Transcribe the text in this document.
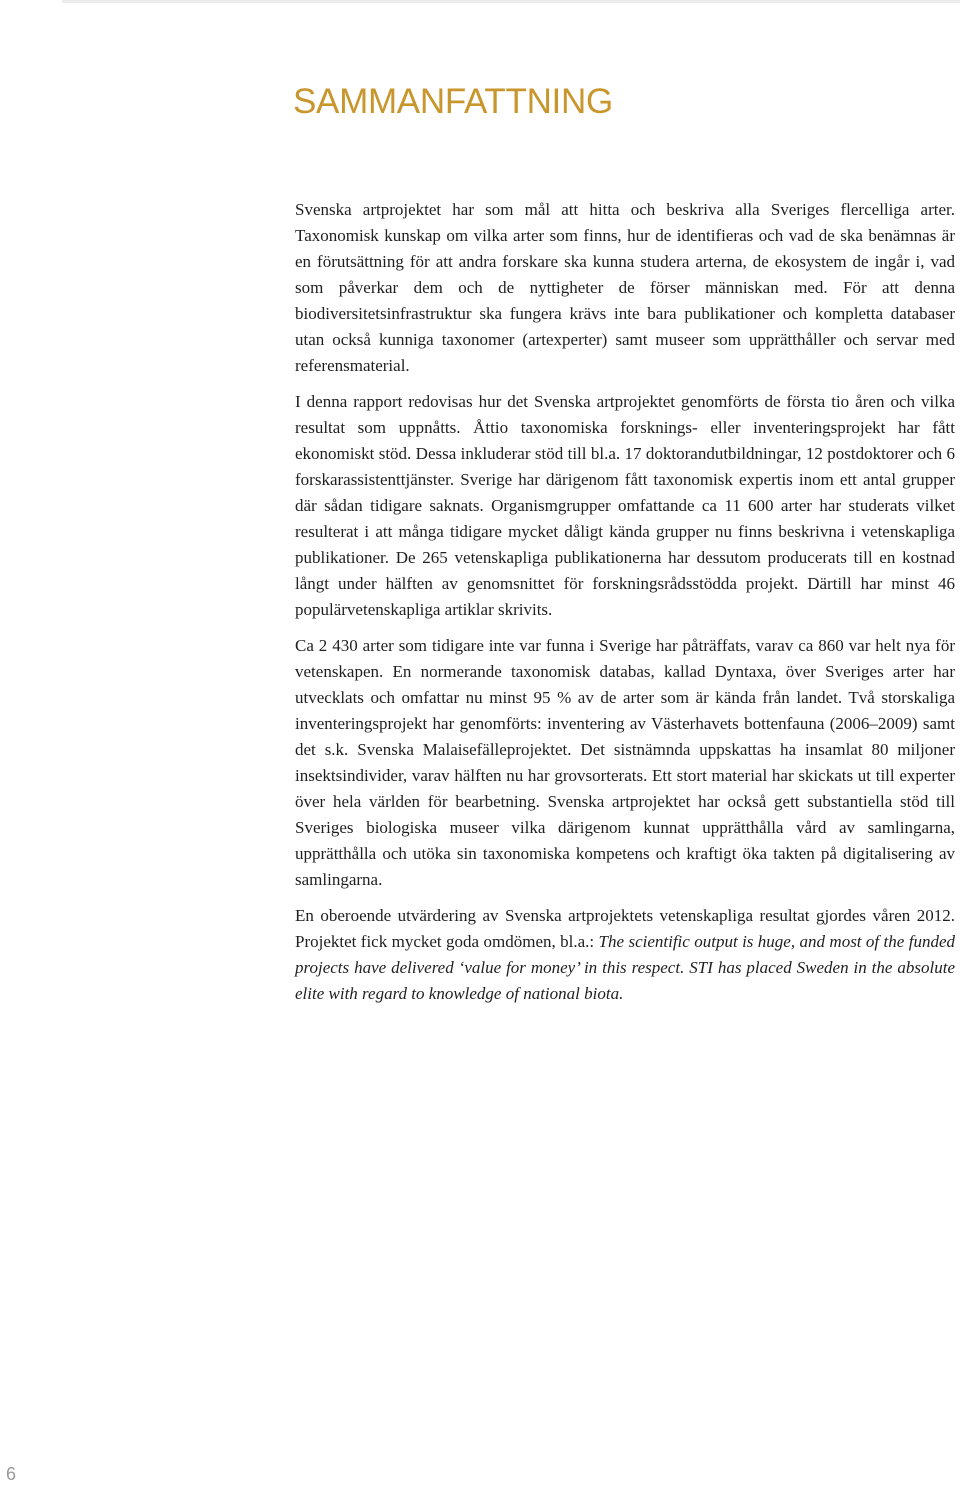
SAMMANFATTNING

Svenska artprojektet har som mål att hitta och beskriva alla Sveriges flercelliga arter. Taxonomisk kunskap om vilka arter som finns, hur de identifieras och vad de ska benämnas är en förutsättning för att andra forskare ska kunna studera arterna, de ekosystem de ingår i, vad som påverkar dem och de nyttigheter de förser människan med. För att denna biodiversitetsinfrastruktur ska fungera krävs inte bara publikationer och kompletta databaser utan också kunniga taxonomer (artexperter) samt museer som upprätthåller och servar med referensmaterial.

I denna rapport redovisas hur det Svenska artprojektet genomförts de första tio åren och vilka resultat som uppnåtts. Åttio taxonomiska forsknings- eller inventeringsprojekt har fått ekonomiskt stöd. Dessa inkluderar stöd till bl.a. 17 doktorandutbildningar, 12 postdoktorer och 6 forskarassistenttjänster. Sverige har därigenom fått taxonomisk expertis inom ett antal grupper där sådan tidigare saknats. Organismgrupper omfattande ca 11 600 arter har studerats vilket resulterat i att många tidigare mycket dåligt kända grupper nu finns beskrivna i vetenskapliga publikationer. De 265 vetenskapliga publikationerna har dessutom producerats till en kostnad långt under hälften av genomsnittet för forskningsrådsstödda projekt. Därtill har minst 46 populärvetenskapliga artiklar skrivits.

Ca 2 430 arter som tidigare inte var funna i Sverige har påträffats, varav ca 860 var helt nya för vetenskapen. En normerande taxonomisk databas, kallad Dyntaxa, över Sveriges arter har utvecklats och omfattar nu minst 95 % av de arter som är kända från landet. Två storskaliga inventeringsprojekt har genomförts: inventering av Västerhavets bottenfauna (2006–2009) samt det s.k. Svenska Malaisefälleprojektet. Det sistnämnda uppskattas ha insamlat 80 miljoner insektsindivider, varav hälften nu har grovsorterats. Ett stort material har skickats ut till experter över hela världen för bearbetning. Svenska artprojektet har också gett substantiella stöd till Sveriges biologiska museer vilka därigenom kunnat upprätthålla vård av samlingarna, upprätthålla och utöka sin taxonomiska kompetens och kraftigt öka takten på digitalisering av samlingarna.

En oberoende utvärdering av Svenska artprojektets vetenskapliga resultat gjordes våren 2012. Projektet fick mycket goda omdömen, bl.a.: The scientific output is huge, and most of the funded projects have delivered ‘value for money’ in this respect. STI has placed Sweden in the absolute elite with regard to knowledge of national biota.

6
